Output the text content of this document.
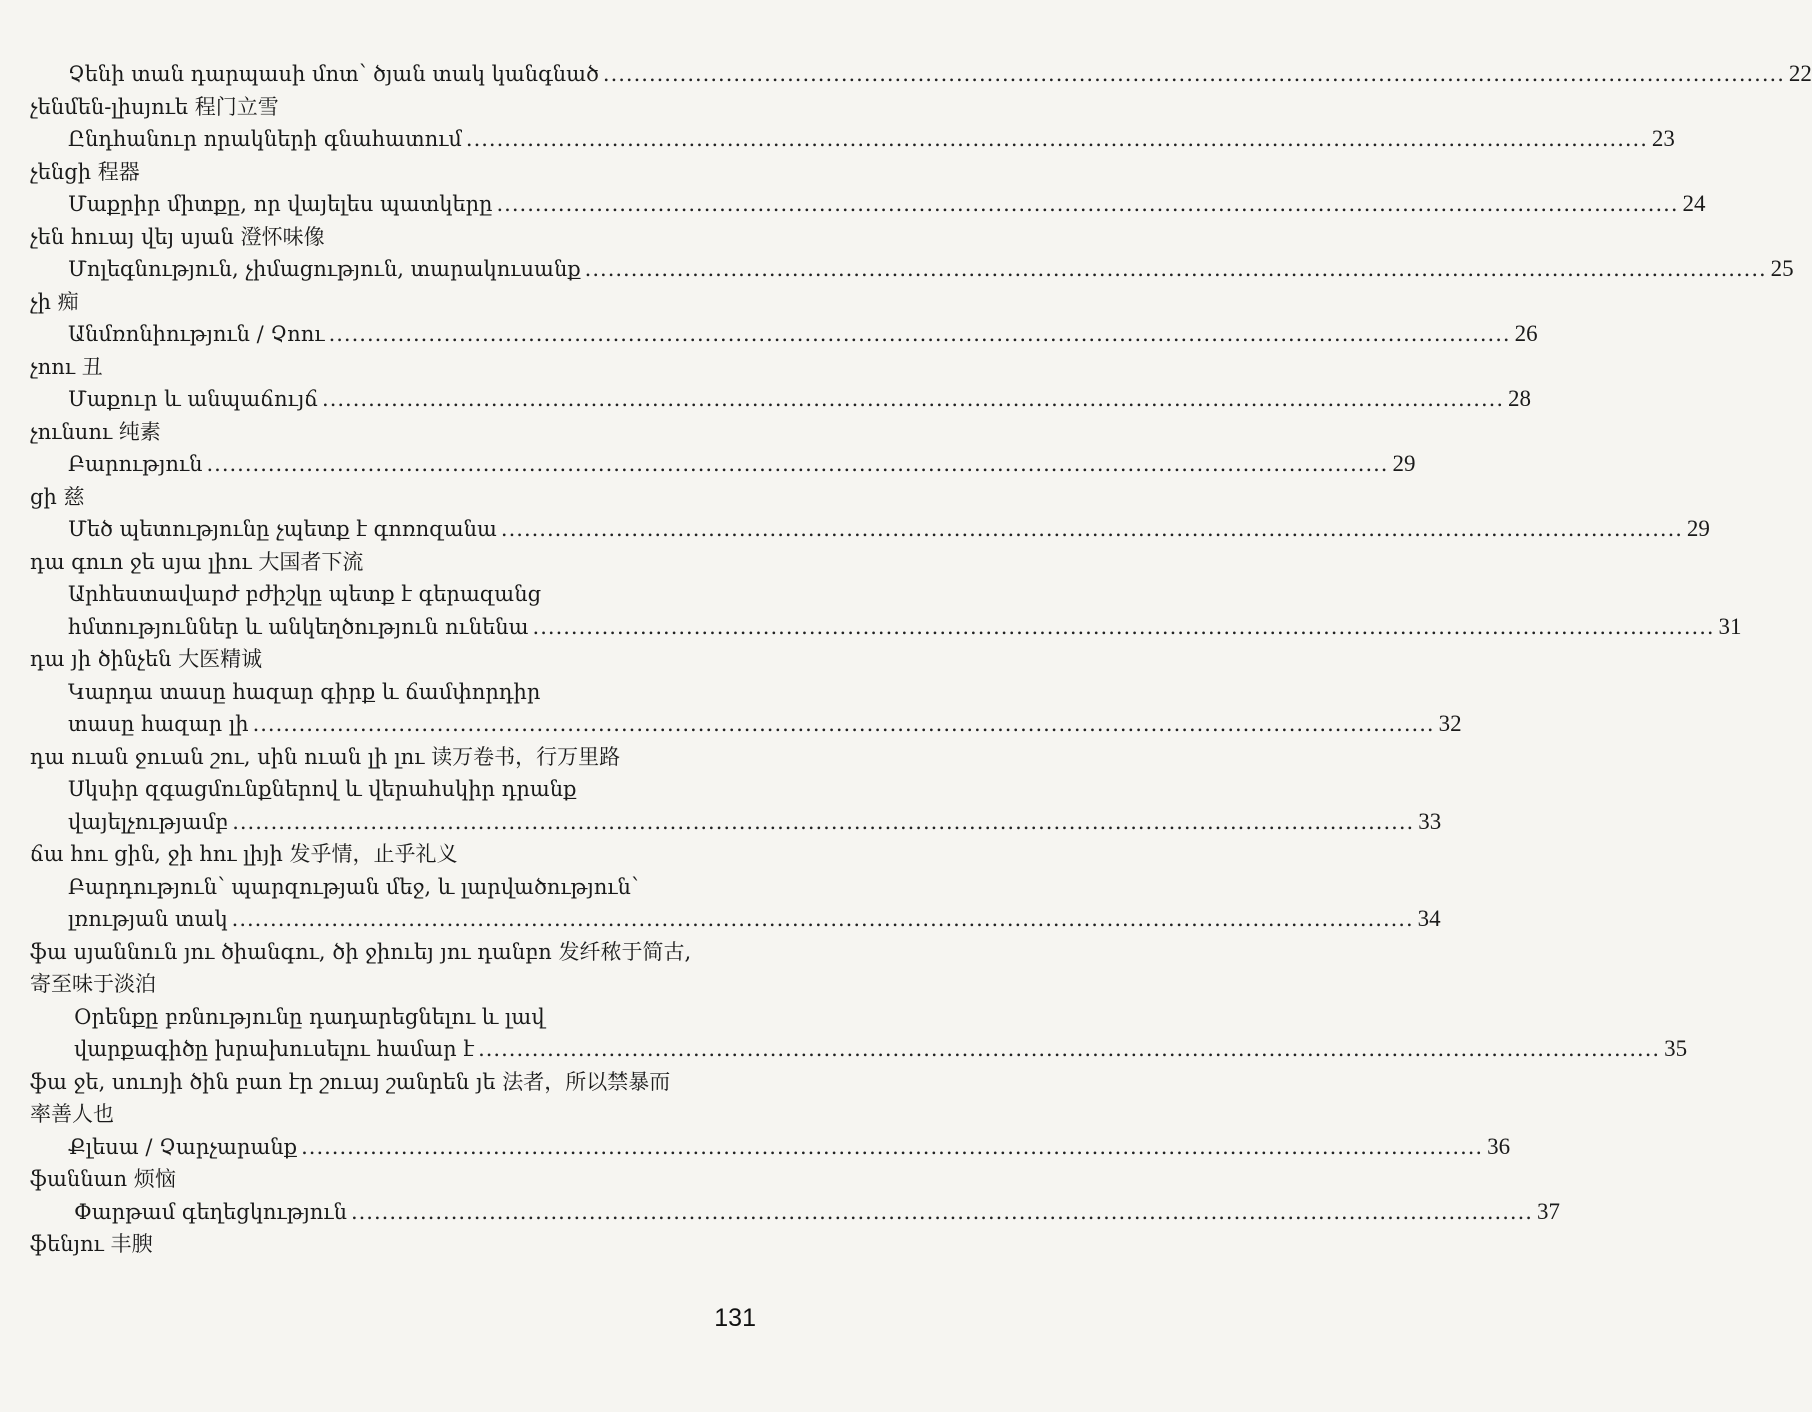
Չենի տան դարպասի մոտ՝ ծյան տակ կանգնած .......................................................................................................................................................... 22
չենմեն-լիսյուե 程门立雪
Ընդհանուր որակների գնահատում .......................................................................................................................................................... 23
չենցի 程器
Մաքրիր միտքը, որ վայելես պատկերը .......................................................................................................................................................... 24
չեն հուայ վեյ սյան 澄怀味像
Մոլեգնություն, չիմացություն, տարակուսանք .......................................................................................................................................................... 25
չի 痴
Անմռոնիություն / Չոու .......................................................................................................................................................... 26
չոու 丑
Մաքուր և անպաճույճ .......................................................................................................................................................... 28
չունսու 纯素
Բարություն .......................................................................................................................................................... 29
ցի 慈
Մեծ պետությունը չպետք է գոռոզանա .......................................................................................................................................................... 29
դա գուո ջե սյա լիու 大国者下流
Արհեստավարժ բժիշկը պետք է գերազանց
հմտություններ և անկեղծություն ունենա .......................................................................................................................................................... 31
դա յի ծինչեն 大医精诚
Կարդա տասը հազար գիրք և ճամփորդիր
տասը հազար լի .......................................................................................................................................................... 32
դա ուան ջուան շու, սին ուան լի լու 读万卷书，行万里路
Սկսիր զգացմունքներով և վերահսկիր դրանք
վայելչությամբ .......................................................................................................................................................... 33
ճա հու ցին, ջի հու լիյի 发乎情，止乎礼义
Բարդություն՝ պարզության մեջ, և լարվածություն՝
լռության տակ .......................................................................................................................................................... 34
ֆա սյաննուն յու ծիանգու, ծի ջիուեյ յու դանբո 发纤秾于简古,
寄至味于淡泊
Օրենքը բռնությունը դադարեցնելու և լավ
վարքագիծը խրախուսելու համար է .......................................................................................................................................................... 35
ֆա ջե, սուոյի ծին բաո էր շուայ շանրեն յե 法者，所以禁暴而
率善人也
Քլեսա / Չարչարանք .......................................................................................................................................................... 36
ֆաննաո 烦恼
Փարթամ գեղեցկություն .......................................................................................................................................................... 37
ֆենյու 丰腴
131
